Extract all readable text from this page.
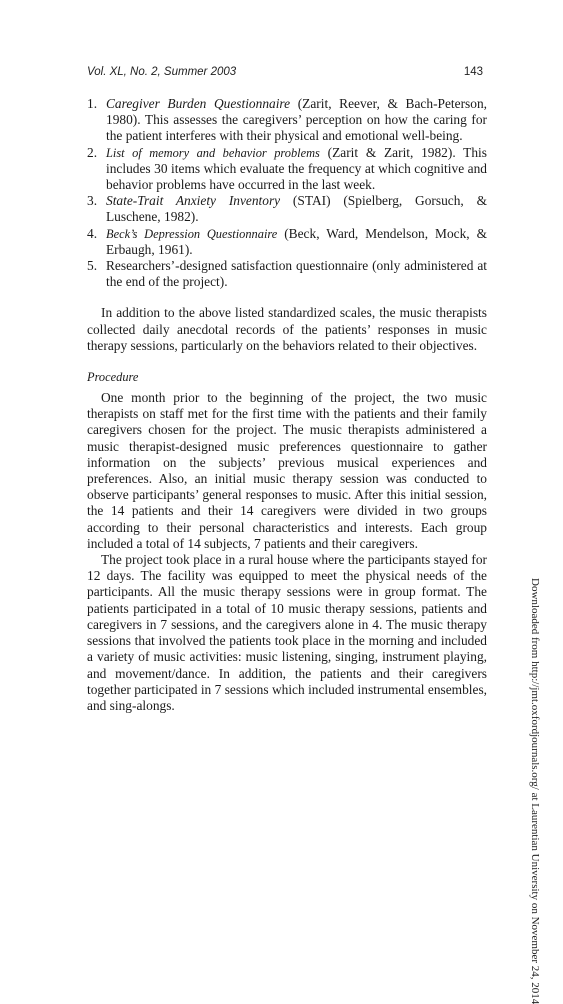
Vol. XL, No. 2, Summer 2003	143
1. Caregiver Burden Questionnaire (Zarit, Reever, & Bach-Peterson, 1980). This assesses the caregivers’ perception on how the caring for the patient interferes with their physical and emotional well-being.
2. List of memory and behavior problems (Zarit & Zarit, 1982). This includes 30 items which evaluate the frequency at which cognitive and behavior problems have occurred in the last week.
3. State-Trait Anxiety Inventory (STAI) (Spielberg, Gorsuch, & Luschene, 1982).
4. Beck’s Depression Questionnaire (Beck, Ward, Mendelson, Mock, & Erbaugh, 1961).
5. Researchers’-designed satisfaction questionnaire (only administered at the end of the project).

In addition to the above listed standardized scales, the music therapists collected daily anecdotal records of the patients’ responses in music therapy sessions, particularly on the behaviors related to their objectives.

Procedure

One month prior to the beginning of the project, the two music therapists on staff met for the first time with the patients and their family caregivers chosen for the project. The music therapists administered a music therapist-designed music preferences questionnaire to gather information on the subjects’ previous musical experiences and preferences. Also, an initial music therapy session was conducted to observe participants’ general responses to music. After this initial session, the 14 patients and their 14 caregivers were divided in two groups according to their personal characteristics and interests. Each group included a total of 14 subjects, 7 patients and their caregivers.

The project took place in a rural house where the participants stayed for 12 days. The facility was equipped to meet the physical needs of the participants. All the music therapy sessions were in group format. The patients participated in a total of 10 music therapy sessions, patients and caregivers in 7 sessions, and the caregivers alone in 4. The music therapy sessions that involved the patients took place in the morning and included a variety of music activities: music listening, singing, instrument playing, and movement/dance. In addition, the patients and their caregivers together participated in 7 sessions which included instrumental ensembles, and sing-alongs.

Downloaded from http://jmt.oxfordjournals.org/ at Laurentian University on November 24, 2014
